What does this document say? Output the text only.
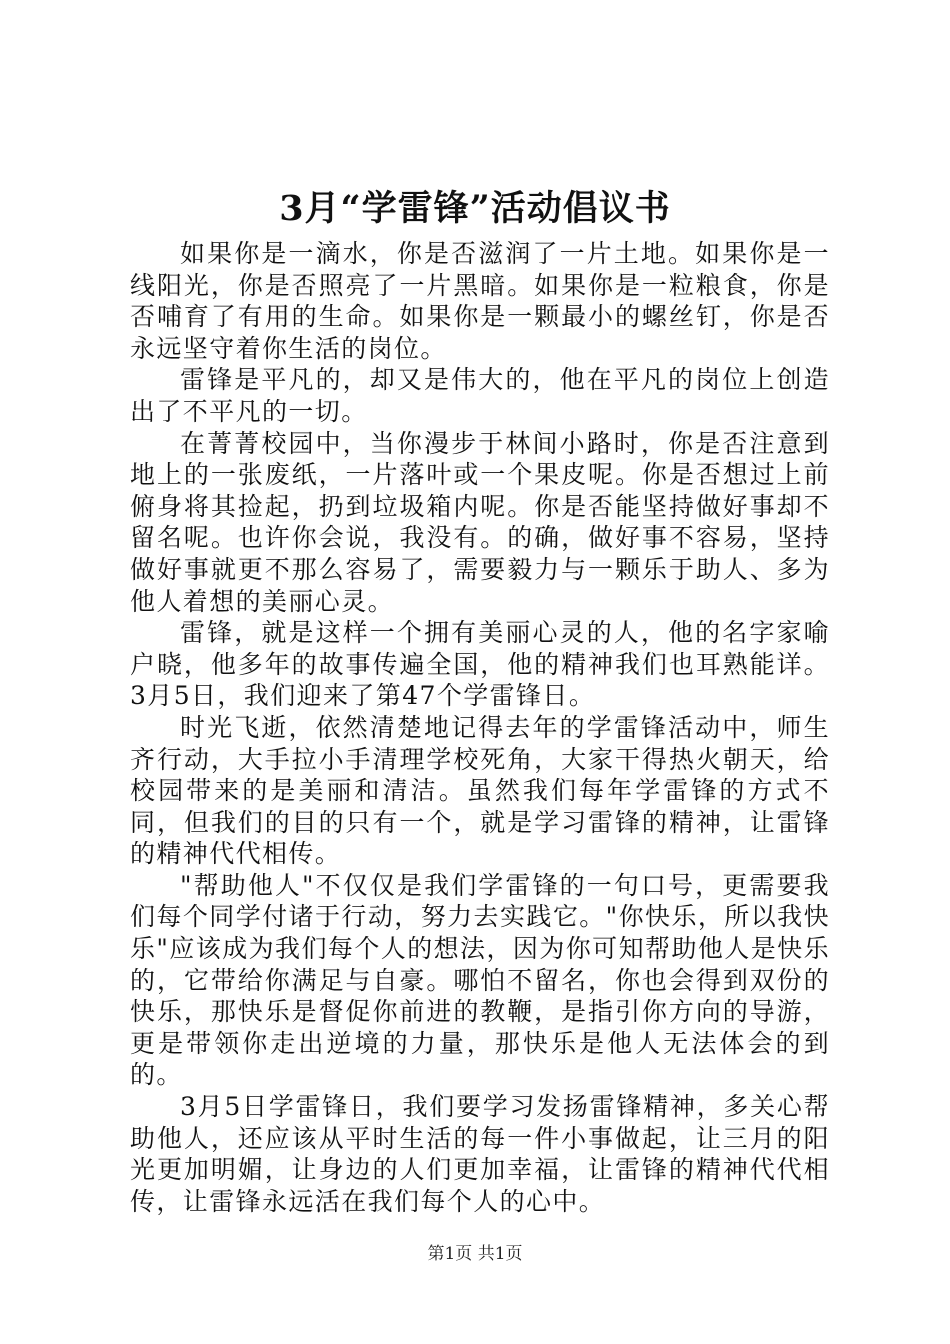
3月“学雷锋”活动倡议书

如果你是一滴水，你是否滋润了一片土地。如果你是一线阳光，你是否照亮了一片黑暗。如果你是一粒粮食，你是否哺育了有用的生命。如果你是一颗最小的螺丝钉，你是否永远坚守着你生活的岗位。

雷锋是平凡的，却又是伟大的，他在平凡的岗位上创造出了不平凡的一切。

在菁菁校园中，当你漫步于林间小路时，你是否注意到地上的一张废纸，一片落叶或一个果皮呢。你是否想过上前俯身将其捡起，扔到垃圾箱内呢。你是否能坚持做好事却不留名呢。也许你会说，我没有。的确，做好事不容易，坚持做好事就更不那么容易了，需要毅力与一颗乐于助人、多为他人着想的美丽心灵。

雷锋，就是这样一个拥有美丽心灵的人，他的名字家喻户晓，他多年的故事传遍全国，他的精神我们也耳熟能详。3月5日，我们迎来了第47个学雷锋日。

时光飞逝，依然清楚地记得去年的学雷锋活动中，师生齐行动，大手拉小手清理学校死角，大家干得热火朝天，给校园带来的是美丽和清洁。虽然我们每年学雷锋的方式不同，但我们的目的只有一个，就是学习雷锋的精神，让雷锋的精神代代相传。

"帮助他人"不仅仅是我们学雷锋的一句口号，更需要我们每个同学付诸于行动，努力去实践它。"你快乐，所以我快乐"应该成为我们每个人的想法，因为你可知帮助他人是快乐的，它带给你满足与自豪。哪怕不留名，你也会得到双份的快乐，那快乐是督促你前进的教鞭，是指引你方向的导游，更是带领你走出逆境的力量，那快乐是他人无法体会的到的。

3月5日学雷锋日，我们要学习发扬雷锋精神，多关心帮助他人，还应该从平时生活的每一件小事做起，让三月的阳光更加明媚，让身边的人们更加幸福，让雷锋的精神代代相传，让雷锋永远活在我们每个人的心中。

第1页 共1页
